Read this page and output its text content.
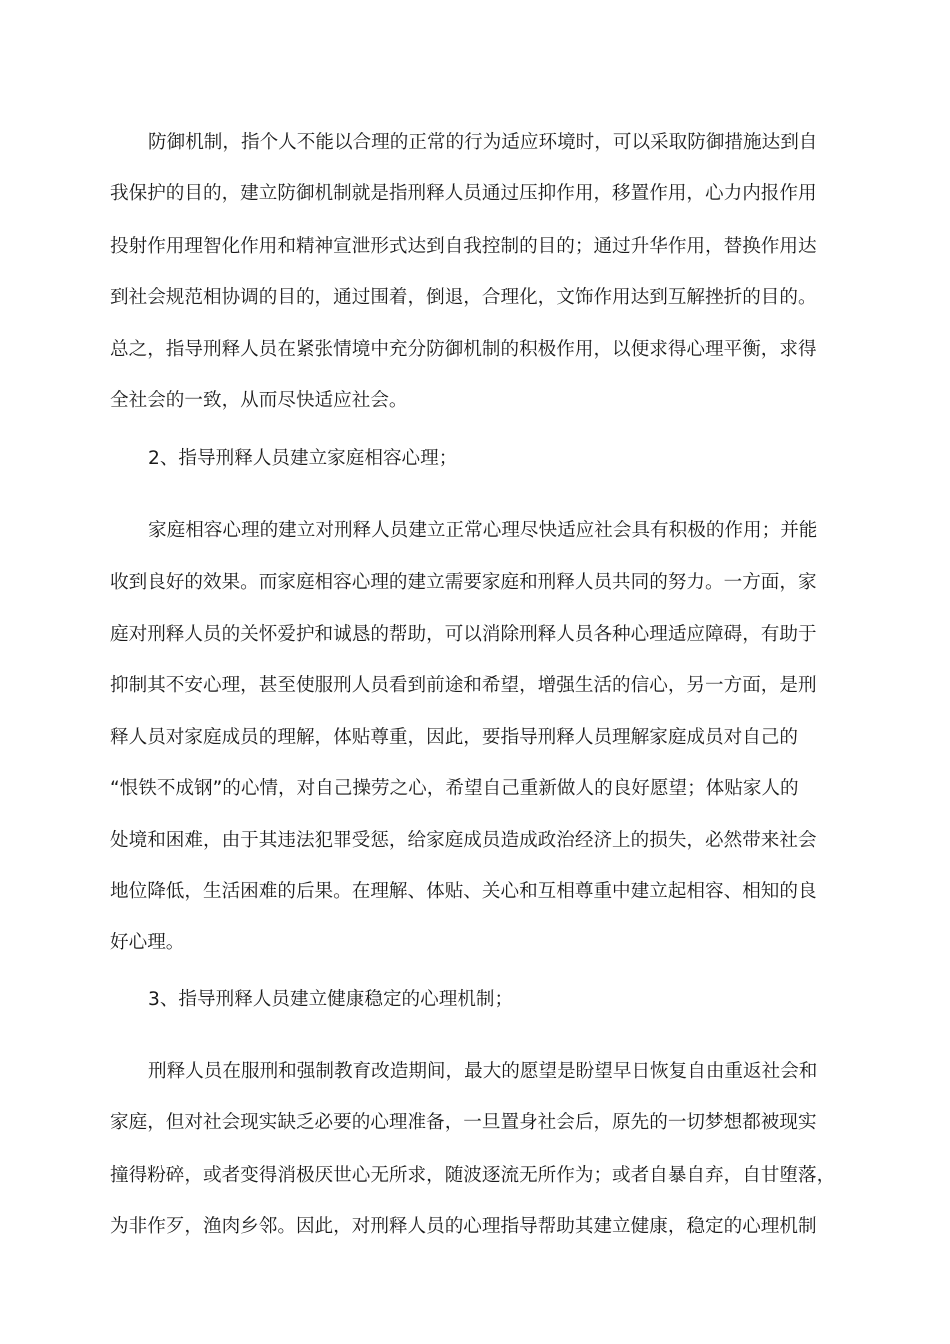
防御机制，指个人不能以合理的正常的行为适应环境时，可以采取防御措施达到自
我保护的目的，建立防御机制就是指刑释人员通过压抑作用，移置作用，心力内报作用
投射作用理智化作用和精神宣泄形式达到自我控制的目的；通过升华作用，替换作用达
到社会规范相协调的目的，通过围着，倒退，合理化，文饰作用达到互解挫折的目的。
总之，指导刑释人员在紧张情境中充分防御机制的积极作用，以便求得心理平衡，求得
全社会的一致，从而尽快适应社会。
2、指导刑释人员建立家庭相容心理；
家庭相容心理的建立对刑释人员建立正常心理尽快适应社会具有积极的作用；并能
收到良好的效果。而家庭相容心理的建立需要家庭和刑释人员共同的努力。一方面，家
庭对刑释人员的关怀爱护和诚恳的帮助，可以消除刑释人员各种心理适应障碍，有助于
抑制其不安心理，甚至使服刑人员看到前途和希望，增强生活的信心，另一方面，是刑
释人员对家庭成员的理解，体贴尊重，因此，要指导刑释人员理解家庭成员对自己的
“恨铁不成钢”的心情，对自己操劳之心，希望自己重新做人的良好愿望；体贴家人的
处境和困难，由于其违法犯罪受惩，给家庭成员造成政治经济上的损失，必然带来社会
地位降低，生活困难的后果。在理解、体贴、关心和互相尊重中建立起相容、相知的良
好心理。
3、指导刑释人员建立健康稳定的心理机制；
刑释人员在服刑和强制教育改造期间，最大的愿望是盼望早日恢复自由重返社会和
家庭，但对社会现实缺乏必要的心理准备，一旦置身社会后，原先的一切梦想都被现实
撞得粉碎，或者变得消极厌世心无所求，随波逐流无所作为；或者自暴自弃，自甘堕落，
为非作歹，渔肉乡邻。因此，对刑释人员的心理指导帮助其建立健康，稳定的心理机制
